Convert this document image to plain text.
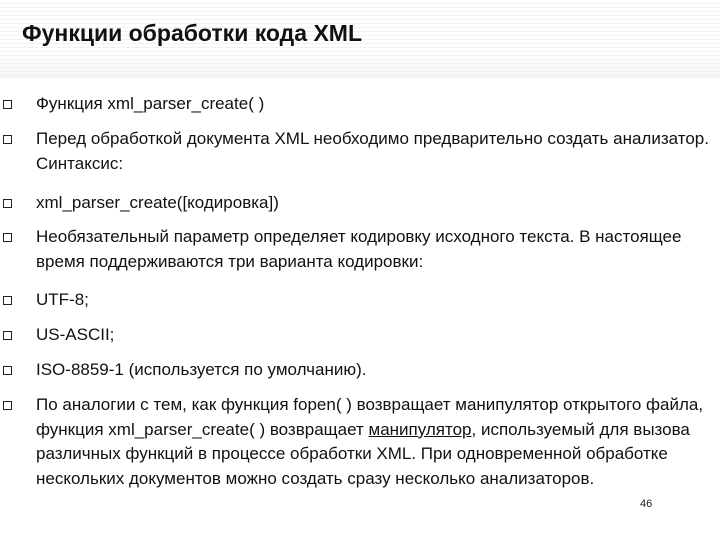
Функции обработки кода XML
Функция xml_parser_create( )
Перед обработкой документа XML необходимо предварительно создать анализатор. Синтаксис:
xml_parser_create([кодировка])
Необязательный параметр определяет кодировку исходного текста. В настоящее время поддерживаются три варианта кодировки:
UTF-8;
US-ASCII;
ISO-8859-1 (используется по умолчанию).
По аналогии с тем, как функция fopen( ) возвращает манипулятор открытого файла, функция xml_parser_create( ) возвращает манипулятор, используемый для вызова различных функций в процессе обработки XML. При одновременной обработке нескольких документов можно создать сразу несколько анализаторов.
46
